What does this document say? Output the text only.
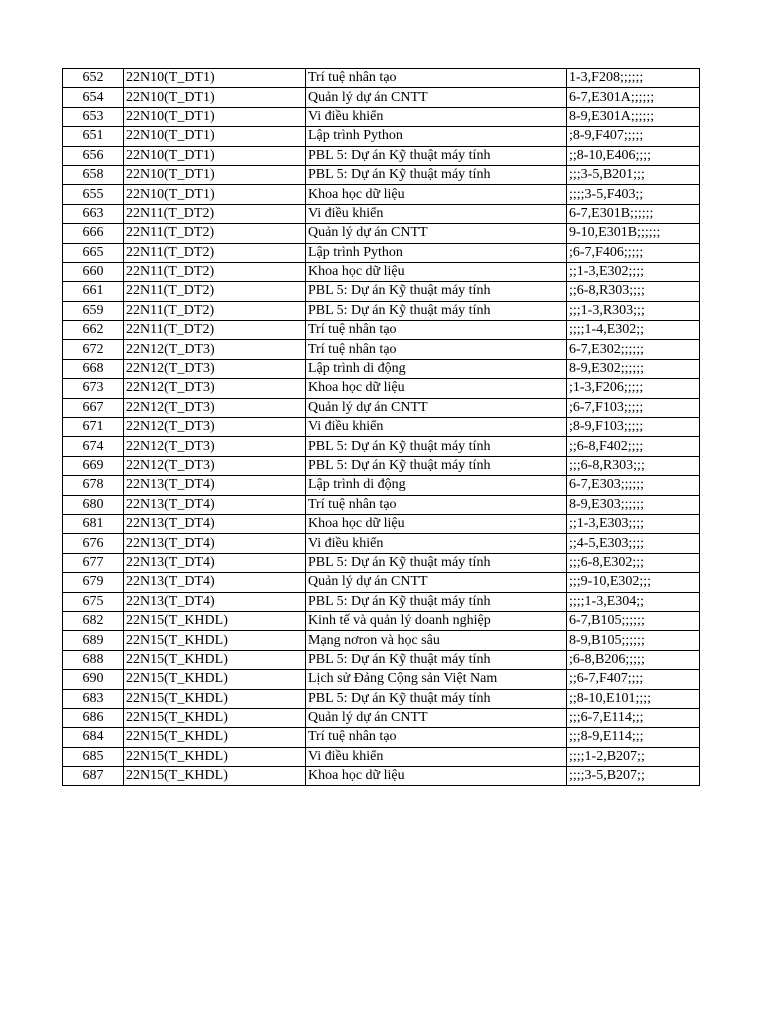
652	22N10(T_DT1)	Trí tuệ nhân tạo	1-3,F208;;;;;;
654	22N10(T_DT1)	Quản lý dự án CNTT	6-7,E301A;;;;;;
653	22N10(T_DT1)	Vi điều khiển	8-9,E301A;;;;;;
651	22N10(T_DT1)	Lập trình Python	;8-9,F407;;;;;
656	22N10(T_DT1)	PBL 5: Dự án Kỹ thuật máy tính	;;8-10,E406;;;;
658	22N10(T_DT1)	PBL 5: Dự án Kỹ thuật máy tính	;;;3-5,B201;;;
655	22N10(T_DT1)	Khoa học dữ liệu	;;;;3-5,F403;;
663	22N11(T_DT2)	Vi điều khiển	6-7,E301B;;;;;;
666	22N11(T_DT2)	Quản lý dự án CNTT	9-10,E301B;;;;;;
665	22N11(T_DT2)	Lập trình Python	;6-7,F406;;;;;
660	22N11(T_DT2)	Khoa học dữ liệu	;;1-3,E302;;;;
661	22N11(T_DT2)	PBL 5: Dự án Kỹ thuật máy tính	;;6-8,R303;;;;
659	22N11(T_DT2)	PBL 5: Dự án Kỹ thuật máy tính	;;;1-3,R303;;;
662	22N11(T_DT2)	Trí tuệ nhân tạo	;;;;1-4,E302;;
672	22N12(T_DT3)	Trí tuệ nhân tạo	6-7,E302;;;;;;
668	22N12(T_DT3)	Lập trình di động	8-9,E302;;;;;;
673	22N12(T_DT3)	Khoa học dữ liệu	;1-3,F206;;;;;
667	22N12(T_DT3)	Quản lý dự án CNTT	;6-7,F103;;;;;
671	22N12(T_DT3)	Vi điều khiển	;8-9,F103;;;;;
674	22N12(T_DT3)	PBL 5: Dự án Kỹ thuật máy tính	;;6-8,F402;;;;
669	22N12(T_DT3)	PBL 5: Dự án Kỹ thuật máy tính	;;;6-8,R303;;;
678	22N13(T_DT4)	Lập trình di động	6-7,E303;;;;;;
680	22N13(T_DT4)	Trí tuệ nhân tạo	8-9,E303;;;;;;
681	22N13(T_DT4)	Khoa học dữ liệu	;;1-3,E303;;;;
676	22N13(T_DT4)	Vi điều khiển	;;4-5,E303;;;;
677	22N13(T_DT4)	PBL 5: Dự án Kỹ thuật máy tính	;;;6-8,E302;;;
679	22N13(T_DT4)	Quản lý dự án CNTT	;;;9-10,E302;;;
675	22N13(T_DT4)	PBL 5: Dự án Kỹ thuật máy tính	;;;;1-3,E304;;
682	22N15(T_KHDL)	Kinh tế và quản lý doanh nghiệp	6-7,B105;;;;;;
689	22N15(T_KHDL)	Mạng nơron và học sâu	8-9,B105;;;;;;
688	22N15(T_KHDL)	PBL 5: Dự án Kỹ thuật máy tính	;6-8,B206;;;;;
690	22N15(T_KHDL)	Lịch sử Đảng Cộng sản Việt Nam	;;6-7,F407;;;;
683	22N15(T_KHDL)	PBL 5: Dự án Kỹ thuật máy tính	;;8-10,E101;;;;
686	22N15(T_KHDL)	Quản lý dự án CNTT	;;;6-7,E114;;;
684	22N15(T_KHDL)	Trí tuệ nhân tạo	;;;8-9,E114;;;
685	22N15(T_KHDL)	Vi điều khiển	;;;;1-2,B207;;
687	22N15(T_KHDL)	Khoa học dữ liệu	;;;;3-5,B207;;
